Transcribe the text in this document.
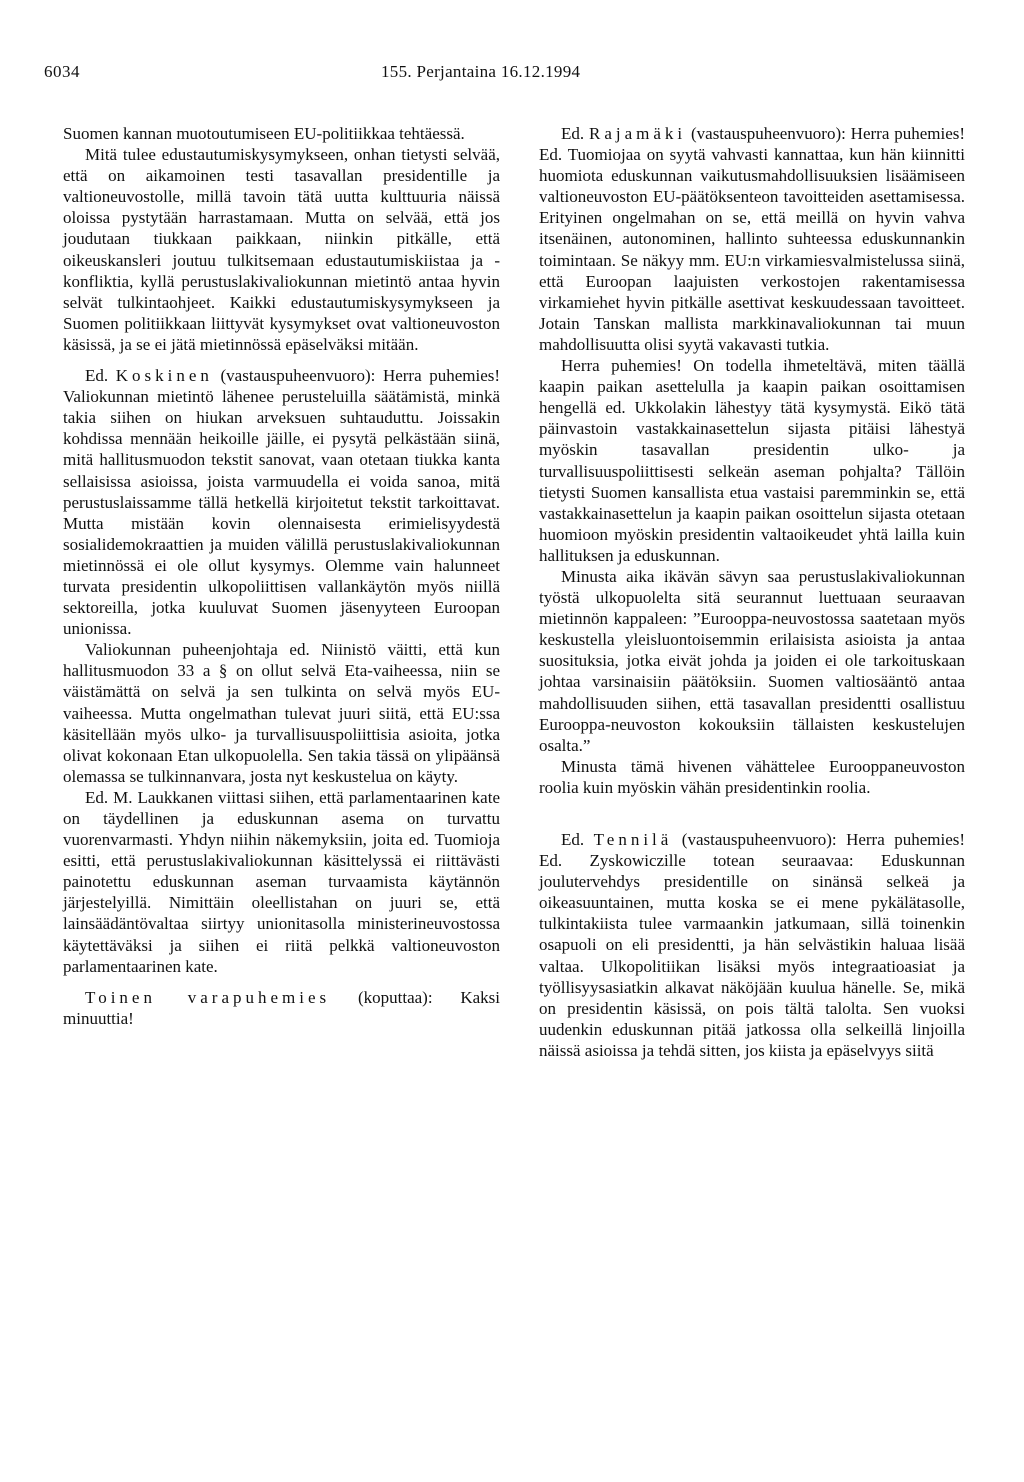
6034	155. Perjantaina 16.12.1994

Suomen kannan muotoutumiseen EU-politiikkaa tehtäessä.

Mitä tulee edustautumiskysymykseen, onhan tietysti selvää, että on aikamoinen testi tasavallan presidentille ja valtioneuvostolle, millä tavoin tätä uutta kulttuuria näissä oloissa pystytään harrastamaan. Mutta on selvää, että jos joudutaan tiukkaan paikkaan, niinkin pitkälle, että oikeuskansleri joutuu tulkitsemaan edustautumiskiistaa ja -konfliktia, kyllä perustuslakivaliokunnan mietintö antaa hyvin selvät tulkintaohjeet. Kaikki edustautumiskysymykseen ja Suomen politiikkaan liittyvät kysymykset ovat valtioneuvoston käsissä, ja se ei jätä mietinnössä epäselväksi mitään.

Ed. Koskinen (vastauspuheenvuoro): Herra puhemies! Valiokunnan mietintö lähenee perusteluilla säätämistä, minkä takia siihen on hiukan arveksuen suhtauduttu. Joissakin kohdissa mennään heikoille jäille, ei pysytä pelkästään siinä, mitä hallitusmuodon tekstit sanovat, vaan otetaan tiukka kanta sellaisissa asioissa, joista varmuudella ei voida sanoa, mitä perustuslaissamme tällä hetkellä kirjoitetut tekstit tarkoittavat. Mutta mistään kovin olennaisesta erimielisyydestä sosialidemokraattien ja muiden välillä perustuslakivaliokunnan mietinnössä ei ole ollut kysymys. Olemme vain halunneet turvata presidentin ulkopoliittisen vallankäytön myös niillä sektoreilla, jotka kuuluvat Suomen jäsenyyteen Euroopan unionissa.

Valiokunnan puheenjohtaja ed. Niinistö väitti, että kun hallitusmuodon 33 a § on ollut selvä Eta-vaiheessa, niin se väistämättä on selvä ja sen tulkinta on selvä myös EU-vaiheessa. Mutta ongelmathan tulevat juuri siitä, että EU:ssa käsitellään myös ulko- ja turvallisuuspoliittisia asioita, jotka olivat kokonaan Etan ulkopuolella. Sen takia tässä on ylipäänsä olemassa se tulkinnanvara, josta nyt keskustelua on käyty.

Ed. M. Laukkanen viittasi siihen, että parlamentaarinen kate on täydellinen ja eduskunnan asema on turvattu vuorenvarmasti. Yhdyn niihin näkemyksiin, joita ed. Tuomioja esitti, että perustuslakivaliokunnan käsittelyssä ei riittävästi painotettu eduskunnan aseman turvaamista käytännön järjestelyillä. Nimittäin oleellistahan on juuri se, että lainsäädäntövaltaa siirtyy unionitasolla ministerineuvostossa käytettäväksi ja siihen ei riitä pelkkä valtioneuvoston parlamentaarinen kate.

Toinen varapuhemies (koputtaa): Kaksi minuuttia!

Ed. Rajamäki (vastauspuheenvuoro): Herra puhemies! Ed. Tuomiojaa on syytä vahvasti kannattaa, kun hän kiinnitti huomiota eduskunnan vaikutusmahdollisuuksien lisäämiseen valtioneuvoston EU-päätöksenteon tavoitteiden asettamisessa. Erityinen ongelmahan on se, että meillä on hyvin vahva itsenäinen, autonominen, hallinto suhteessa eduskunnankin toimintaan. Se näkyy mm. EU:n virkamiesvalmistelussa siinä, että Euroopan laajuisten verkostojen rakentamisessa virkamiehet hyvin pitkälle asettivat keskuudessaan tavoitteet. Jotain Tanskan mallista markkinavaliokunnan tai muun mahdollisuutta olisi syytä vakavasti tutkia.

Herra puhemies! On todella ihmeteltävä, miten täällä kaapin paikan asettelulla ja kaapin paikan osoittamisen hengellä ed. Ukkolakin lähestyy tätä kysymystä. Eikö tätä päinvastoin vastakkainasettelun sijasta pitäisi lähestyä myöskin tasavallan presidentin ulko- ja turvallisuuspoliittisesti selkeän aseman pohjalta? Tällöin tietysti Suomen kansallista etua vastaisi paremminkin se, että vastakkainasettelun ja kaapin paikan osoittelun sijasta otetaan huomioon myöskin presidentin valtaoikeudet yhtä lailla kuin hallituksen ja eduskunnan.

Minusta aika ikävän sävyn saa perustuslakivaliokunnan työstä ulkopuolelta sitä seurannut luettuaan seuraavan mietinnön kappaleen: ”Eurooppa-neuvostossa saatetaan myös keskustella yleisluontoisemmin erilaisista asioista ja antaa suosituksia, jotka eivät johda ja joiden ei ole tarkoituskaan johtaa varsinaisiin päätöksiin. Suomen valtiosääntö antaa mahdollisuuden siihen, että tasavallan presidentti osallistuu Eurooppa-neuvoston kokouksiin tällaisten keskustelujen osalta.”

Minusta tämä hivenen vähättelee Eurooppaneuvoston roolia kuin myöskin vähän presidentinkin roolia.

Ed. Tennilä (vastauspuheenvuoro): Herra puhemies! Ed. Zyskowiczille totean seuraavaa: Eduskunnan joulutervehdys presidentille on sinänsä selkeä ja oikeasuuntainen, mutta koska se ei mene pykälätasolle, tulkintakiista tulee varmaankin jatkumaan, sillä toinenkin osapuoli on eli presidentti, ja hän selvästikin haluaa lisää valtaa. Ulkopolitiikan lisäksi myös integraatioasiat ja työllisyysasiatkin alkavat näköjään kuulua hänelle. Se, mikä on presidentin käsissä, on pois tältä talolta. Sen vuoksi uudenkin eduskunnan pitää jatkossa olla selkeillä linjoilla näissä asioissa ja tehdä sitten, jos kiista ja epäselvyys siitä
